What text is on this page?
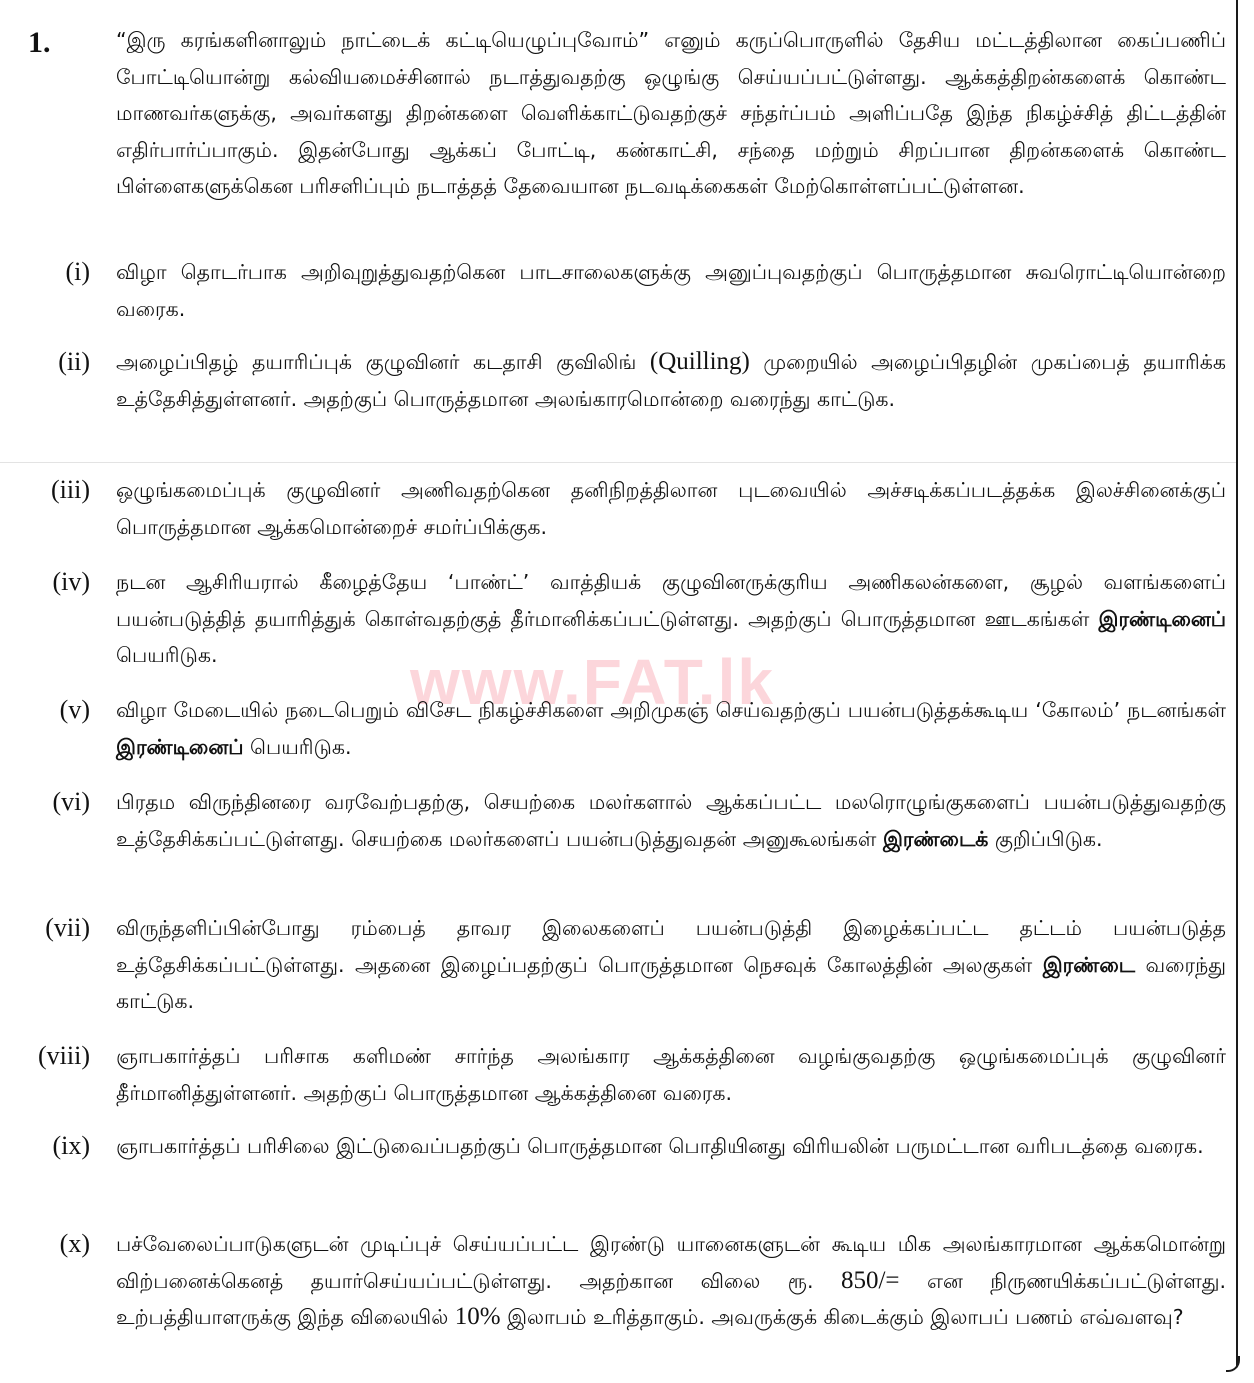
www.FAT.lk
1.	“இரு கரங்களினாலும் நாட்டைக் கட்டியெழுப்புவோம்” எனும் கருப்பொருளில் தேசிய மட்டத்திலான கைப்பணிப் போட்டியொன்று கல்வியமைச்சினால் நடாத்துவதற்கு ஒழுங்கு செய்யப்பட்டுள்ளது. ஆக்கத்திறன்களைக் கொண்ட மாணவர்களுக்கு, அவர்களது திறன்களை வெளிக்காட்டுவதற்குச் சந்தர்ப்பம் அளிப்பதே இந்த நிகழ்ச்சித் திட்டத்தின் எதிர்பார்ப்பாகும். இதன்போது ஆக்கப் போட்டி, கண்காட்சி, சந்தை மற்றும் சிறப்பான திறன்களைக் கொண்ட பிள்ளைகளுக்கென பரிசளிப்பும் நடாத்தத் தேவையான நடவடிக்கைகள் மேற்கொள்ளப்பட்டுள்ளன.
(i) விழா தொடர்பாக அறிவுறுத்துவதற்கென பாடசாலைகளுக்கு அனுப்புவதற்குப் பொருத்தமான சுவரொட்டியொன்றை வரைக.
(ii) அழைப்பிதழ் தயாரிப்புக் குழுவினர் கடதாசி குவிலிங் (Quilling) முறையில் அழைப்பிதழின் முகப்பைத் தயாரிக்க உத்தேசித்துள்ளனர். அதற்குப் பொருத்தமான அலங்காரமொன்றை வரைந்து காட்டுக.
(iii) ஒழுங்கமைப்புக் குழுவினர் அணிவதற்கென தனிநிறத்திலான புடவையில் அச்சடிக்கப்படத்தக்க இலச்சினைக்குப் பொருத்தமான ஆக்கமொன்றைச் சமர்ப்பிக்குக.
(iv) நடன ஆசிரியரால் கீழைத்தேய ‘பாண்ட்’ வாத்தியக் குழுவினருக்குரிய அணிகலன்களை, சூழல் வளங்களைப் பயன்படுத்தித் தயாரித்துக் கொள்வதற்குத் தீர்மானிக்கப்பட்டுள்ளது. அதற்குப் பொருத்தமான ஊடகங்கள் இரண்டினைப் பெயரிடுக.
(v) விழா மேடையில் நடைபெறும் விசேட நிகழ்ச்சிகளை அறிமுகஞ் செய்வதற்குப் பயன்படுத்தக்கூடிய ‘கோலம்’ நடனங்கள் இரண்டினைப் பெயரிடுக.
(vi) பிரதம விருந்தினரை வரவேற்பதற்கு, செயற்கை மலர்களால் ஆக்கப்பட்ட மலரொழுங்குகளைப் பயன்படுத்துவதற்கு உத்தேசிக்கப்பட்டுள்ளது. செயற்கை மலர்களைப் பயன்படுத்துவதன் அனுகூலங்கள் இரண்டைக் குறிப்பிடுக.
(vii) விருந்தளிப்பின்போது ரம்பைத் தாவர இலைகளைப் பயன்படுத்தி இழைக்கப்பட்ட தட்டம் பயன்படுத்த உத்தேசிக்கப்பட்டுள்ளது. அதனை இழைப்பதற்குப் பொருத்தமான நெசவுக் கோலத்தின் அலகுகள் இரண்டை வரைந்து காட்டுக.
(viii) ஞாபகார்த்தப் பரிசாக களிமண் சார்ந்த அலங்கார ஆக்கத்தினை வழங்குவதற்கு ஒழுங்கமைப்புக் குழுவினர் தீர்மானித்துள்ளனர். அதற்குப் பொருத்தமான ஆக்கத்தினை வரைக.
(ix) ஞாபகார்த்தப் பரிசிலை இட்டுவைப்பதற்குப் பொருத்தமான பொதியினது விரியலின் பருமட்டான வரிபடத்தை வரைக.
(x) பச்வேலைப்பாடுகளுடன் முடிப்புச் செய்யப்பட்ட இரண்டு யானைகளுடன் கூடிய மிக அலங்காரமான ஆக்கமொன்று விற்பனைக்கெனத் தயார்செய்யப்பட்டுள்ளது. அதற்கான விலை ரூ. 850/= என நிருணயிக்கப்பட்டுள்ளது. உற்பத்தியாளருக்கு இந்த விலையில் 10% இலாபம் உரித்தாகும். அவருக்குக் கிடைக்கும் இலாபப் பணம் எவ்வளவு?
